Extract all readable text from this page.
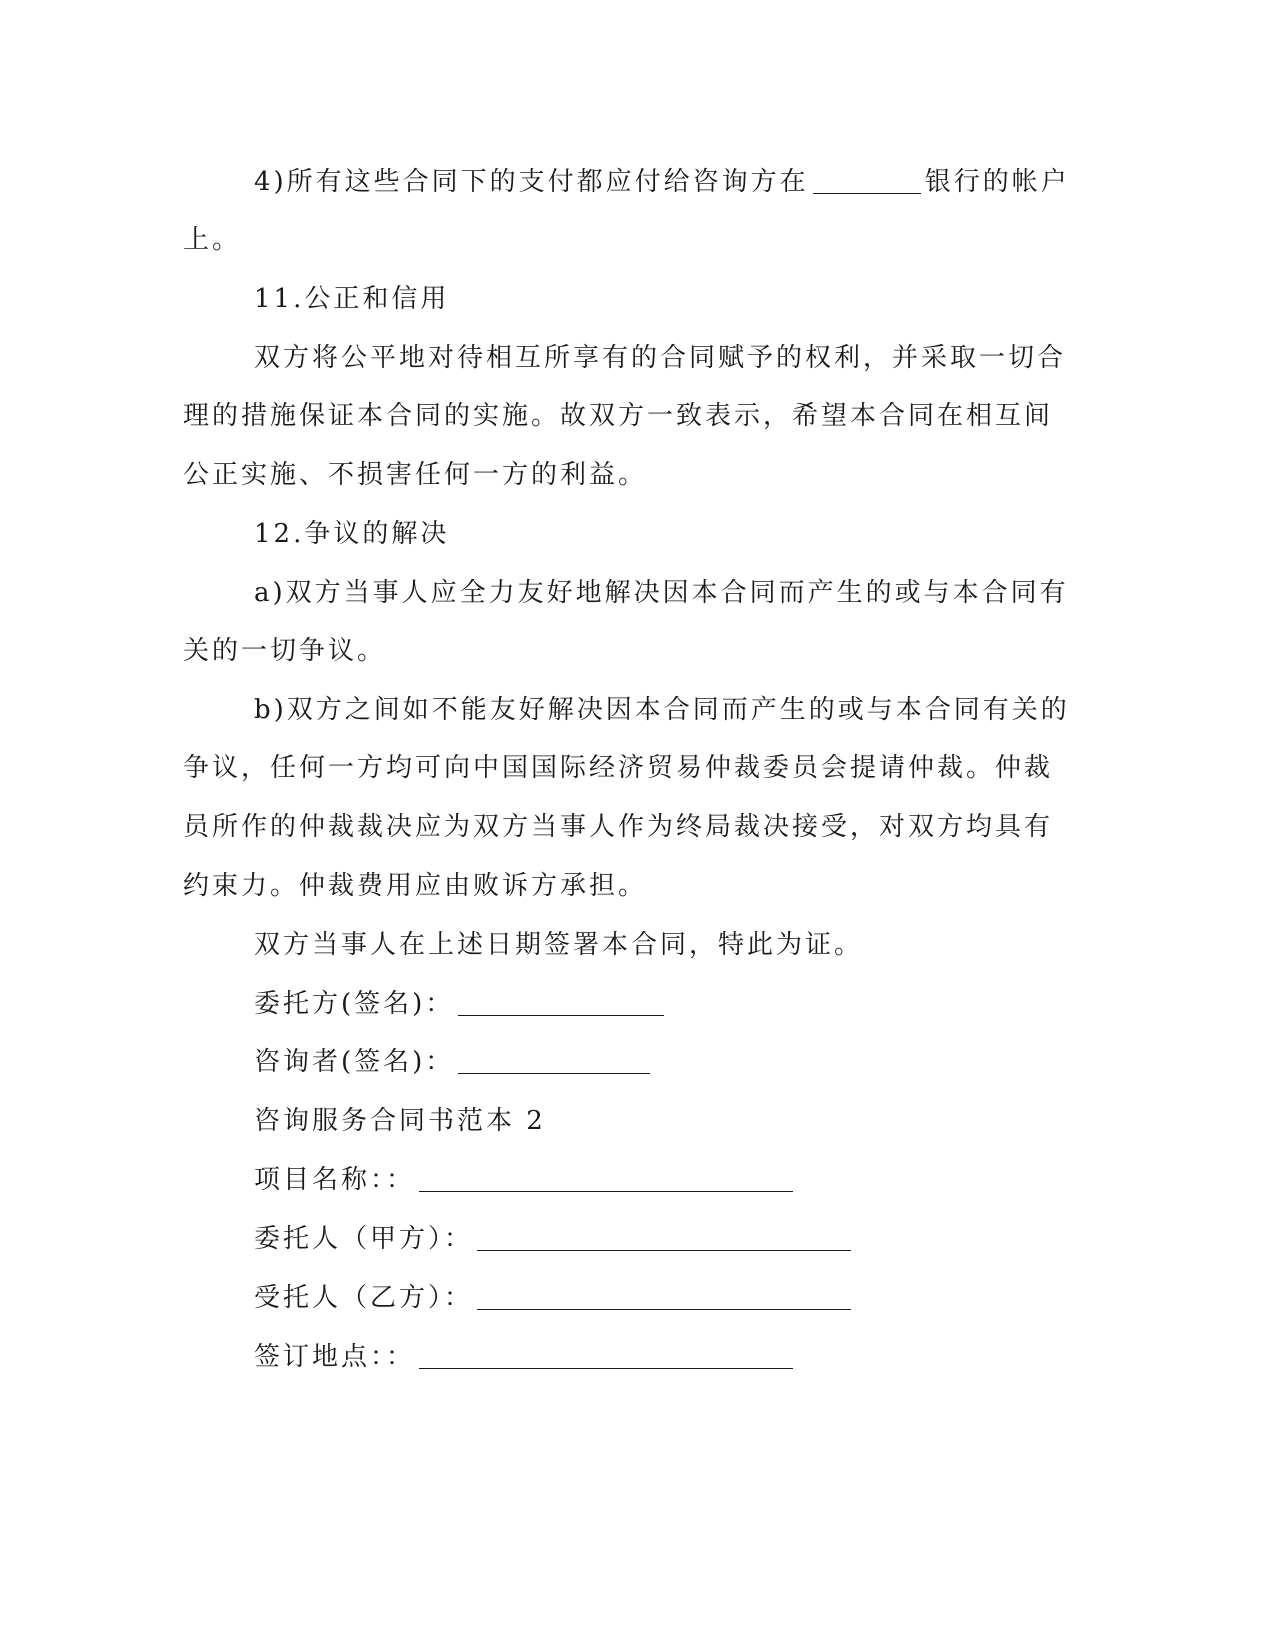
4)所有这些合同下的支付都应付给咨询方在	银行的帐户
上。
11.公正和信用
双方将公平地对待相互所享有的合同赋予的权利，并采取一切合
理的措施保证本合同的实施。故双方一致表示，希望本合同在相互间
公正实施、不损害任何一方的利益。
12.争议的解决
a)双方当事人应全力友好地解决因本合同而产生的或与本合同有
关的一切争议。
b)双方之间如不能友好解决因本合同而产生的或与本合同有关的
争议，任何一方均可向中国国际经济贸易仲裁委员会提请仲裁。仲裁
员所作的仲裁裁决应为双方当事人作为终局裁决接受，对双方均具有
约束力。仲裁费用应由败诉方承担。
双方当事人在上述日期签署本合同，特此为证。
委托方(签名)：
咨询者(签名)：
咨询服务合同书范本 2
项目名称：：
委托人（甲方）：
受托人（乙方）：
签订地点：：
